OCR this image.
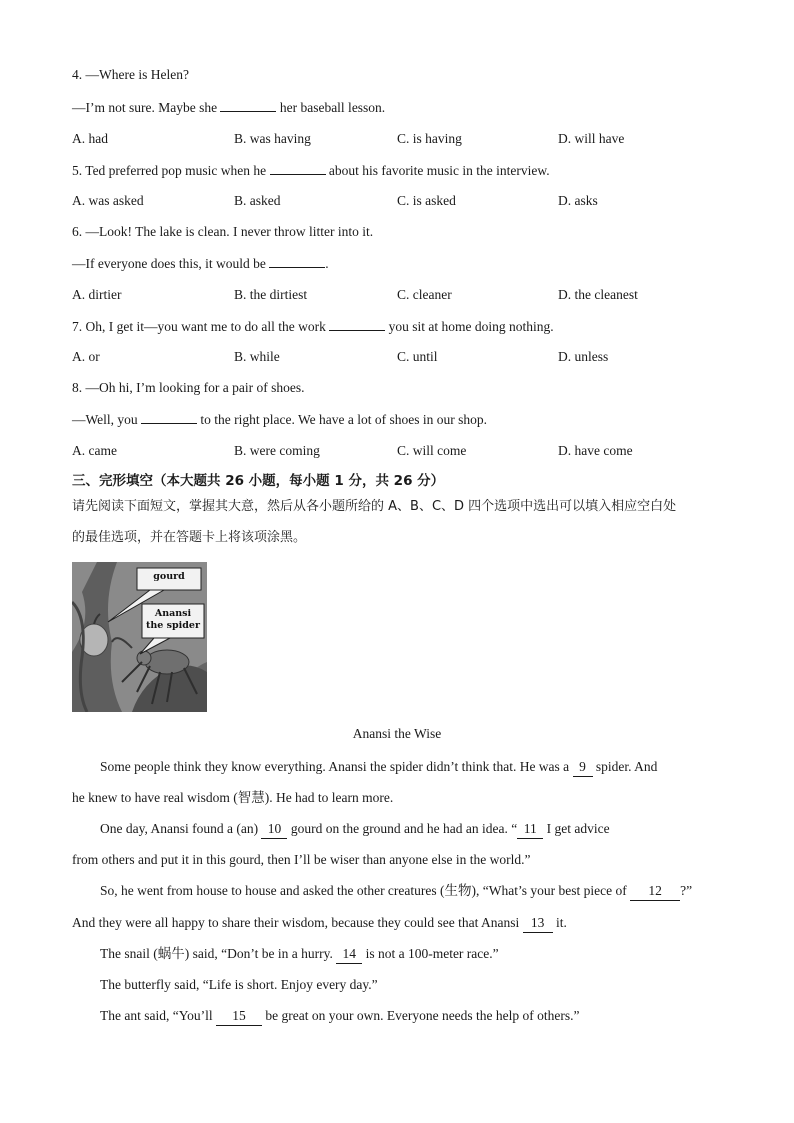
4. —Where is Helen?
—I’m not sure. Maybe she	her baseball lesson.
A. had	B. was having	C. is having	D. will have
5. Ted preferred pop music when he	about his favorite music in the interview.
A. was asked	B. asked	C. is asked	D. asks
6. —Look! The lake is clean. I never throw litter into it.
—If everyone does this, it would be	.
A. dirtier	B. the dirtiest	C. cleaner	D. the cleanest
7. Oh, I get it—you want me to do all the work	you sit at home doing nothing.
A. or	B. while	C. until	D. unless
8. —Oh hi, I’m looking for a pair of shoes.
—Well, you	to the right place. We have a lot of shoes in our shop.
A. came	B. were coming	C. will come	D. have come
三、完形填空（本大题共 26 小题，每小题 1 分，共 26 分）
请先阅读下面短文，掌握其大意，然后从各小题所给的 A、B、C、D 四个选项中选出可以填入相应空白处
的最佳选项，并在答题卡上将该项涂黑。
gourd
Anansi
the spider
Anansi the Wise
Some people think they know everything. Anansi the spider didn’t think that. He was a 9 spider. And
he knew to have real wisdom (智慧). He had to learn more.
One day, Anansi found a (an) 10 gourd on the ground and he had an idea. “ 11 I get advice
from others and put it in this gourd, then I’ll be wiser than anyone else in the world.”
So, he went from house to house and asked the other creatures (生物), “What’s your best piece of 12 ?”
And they were all happy to share their wisdom, because they could see that Anansi 13 it.
The snail (蜗牛) said, “Don’t be in a hurry. 14 is not a 100-meter race.”
The butterfly said, “Life is short. Enjoy every day.”
The ant said, “You’ll 15 be great on your own. Everyone needs the help of others.”
